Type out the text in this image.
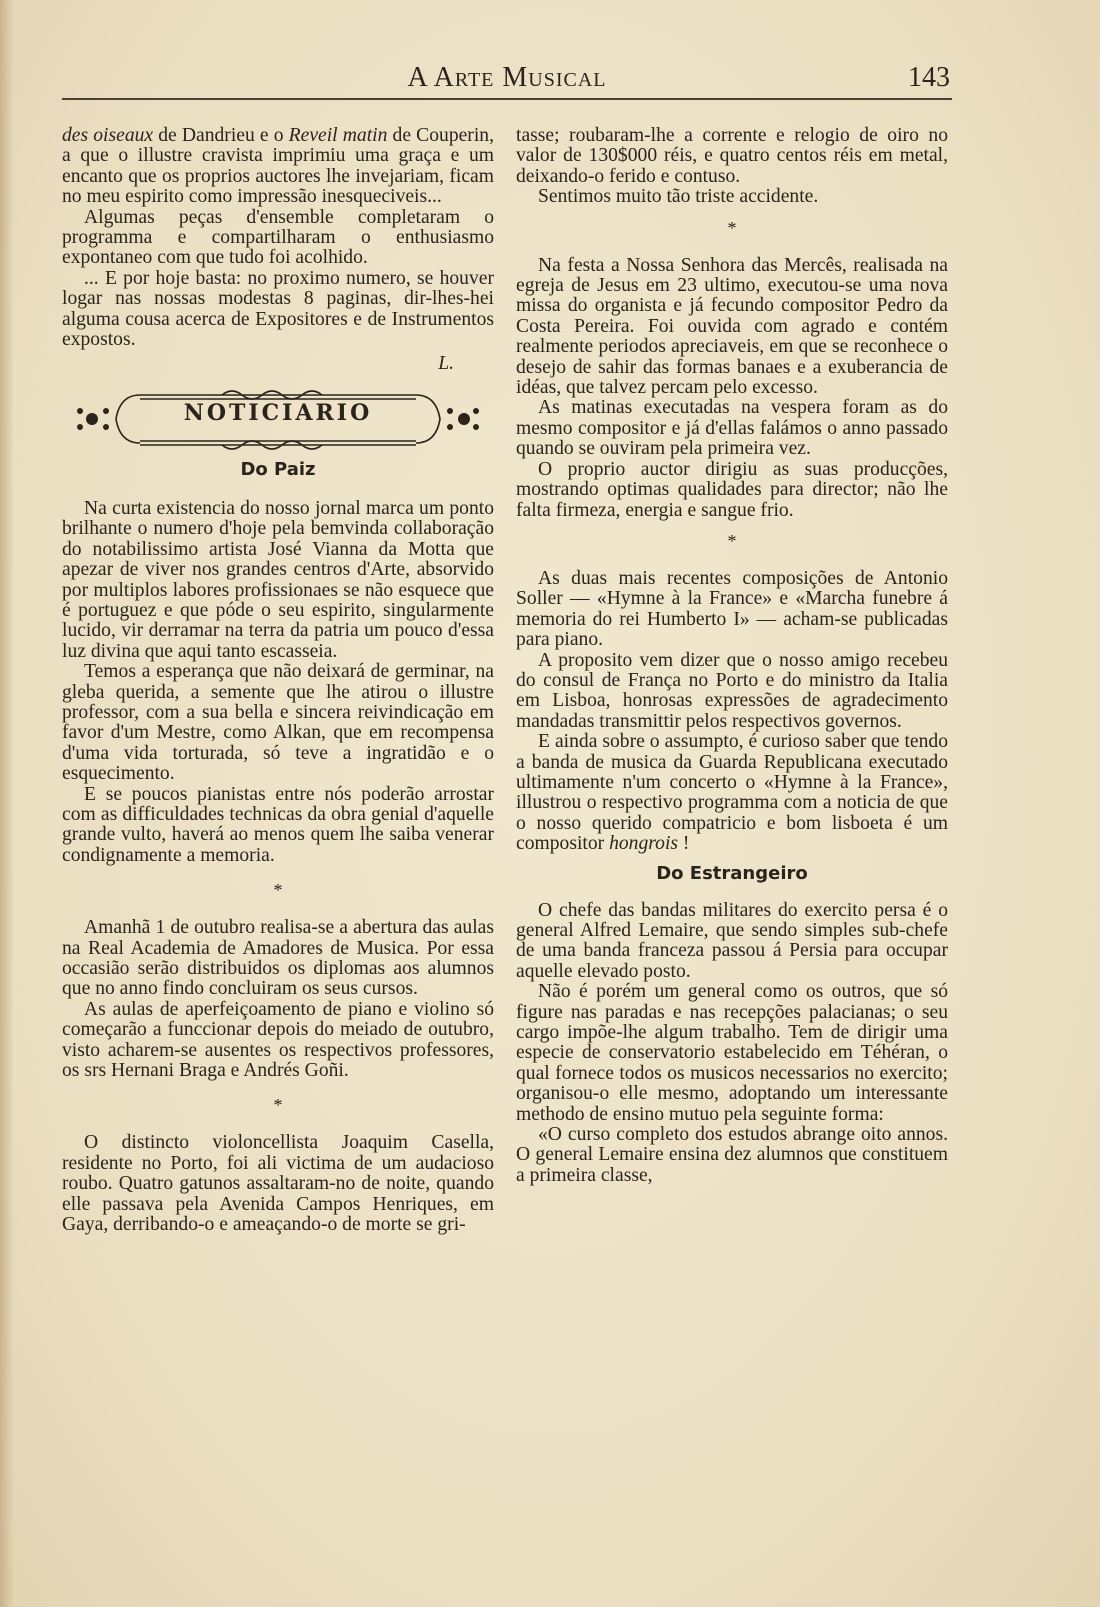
A Arte Musical	143

des oiseaux de Dandrieu e o Reveil matin de Couperin, a que o illustre cravista imprimiu uma graça e um encanto que os proprios auctores lhe invejariam, ficam no meu espirito como impressão inesqueciveis...

Algumas peças d'ensemble completaram o programma e compartilharam o enthusiasmo expontaneo com que tudo foi acolhido.

... E por hoje basta: no proximo numero, se houver logar nas nossas modestas 8 paginas, dir-lhes-hei alguma cousa acerca de Expositores e de Instrumentos expostos.

L.
NOTICIARIO
Do Paiz

Na curta existencia do nosso jornal marca um ponto brilhante o numero d'hoje pela bemvinda collaboração do notabilissimo artista José Vianna da Motta que apezar de viver nos grandes centros d'Arte, absorvido por multiplos labores profissionaes se não esquece que é portuguez e que póde o seu espirito, singularmente lucido, vir derramar na terra da patria um pouco d'essa luz divina que aqui tanto escasseia.

Temos a esperança que não deixará de germinar, na gleba querida, a semente que lhe atirou o illustre professor, com a sua bella e sincera reivindicação em favor d'um Mestre, como Alkan, que em recompensa d'uma vida torturada, só teve a ingratidão e o esquecimento.

E se poucos pianistas entre nós poderão arrostar com as difficuldades technicas da obra genial d'aquelle grande vulto, haverá ao menos quem lhe saiba venerar condignamente a memoria.

*

Amanhã 1 de outubro realisa-se a abertura das aulas na Real Academia de Amadores de Musica. Por essa occasião serão distribuidos os diplomas aos alumnos que no anno findo concluiram os seus cursos.

As aulas de aperfeiçoamento de piano e violino só começarão a funccionar depois do meiado de outubro, visto acharem-se ausentes os respectivos professores, os srs Hernani Braga e Andrés Goñi.

*

O distincto violoncellista Joaquim Casella, residente no Porto, foi ali victima de um audacioso roubo. Quatro gatunos assaltaram-no de noite, quando elle passava pela Avenida Campos Henriques, em Gaya, derribando-o e ameaçando-o de morte se gri-

tasse; roubaram-lhe a corrente e relogio de oiro no valor de 130$000 réis, e quatro centos réis em metal, deixando-o ferido e contuso.

Sentimos muito tão triste accidente.

*

Na festa a Nossa Senhora das Mercês, realisada na egreja de Jesus em 23 ultimo, executou-se uma nova missa do organista e já fecundo compositor Pedro da Costa Pereira. Foi ouvida com agrado e contém realmente periodos apreciaveis, em que se reconhece o desejo de sahir das formas banaes e a exuberancia de idéas, que talvez percam pelo excesso.

As matinas executadas na vespera foram as do mesmo compositor e já d'ellas falámos o anno passado quando se ouviram pela primeira vez.

O proprio auctor dirigiu as suas producções, mostrando optimas qualidades para director; não lhe falta firmeza, energia e sangue frio.

*

As duas mais recentes composições de Antonio Soller — «Hymne à la France» e «Marcha funebre á memoria do rei Humberto I» — acham-se publicadas para piano.

A proposito vem dizer que o nosso amigo recebeu do consul de França no Porto e do ministro da Italia em Lisboa, honrosas expressões de agradecimento mandadas transmittir pelos respectivos governos.

E ainda sobre o assumpto, é curioso saber que tendo a banda de musica da Guarda Republicana executado ultimamente n'um concerto o «Hymne à la France», illustrou o respectivo programma com a noticia de que o nosso querido compatricio e bom lisboeta é um compositor hongrois !

Do Estrangeiro

O chefe das bandas militares do exercito persa é o general Alfred Lemaire, que sendo simples sub-chefe de uma banda franceza passou á Persia para occupar aquelle elevado posto.

Não é porém um general como os outros, que só figure nas paradas e nas recepções palacianas; o seu cargo impõe-lhe algum trabalho. Tem de dirigir uma especie de conservatorio estabelecido em Téhéran, o qual fornece todos os musicos necessarios no exercito; organisou-o elle mesmo, adoptando um interessante methodo de ensino mutuo pela seguinte forma:

«O curso completo dos estudos abrange oito annos. O general Lemaire ensina dez alumnos que constituem a primeira classe,
